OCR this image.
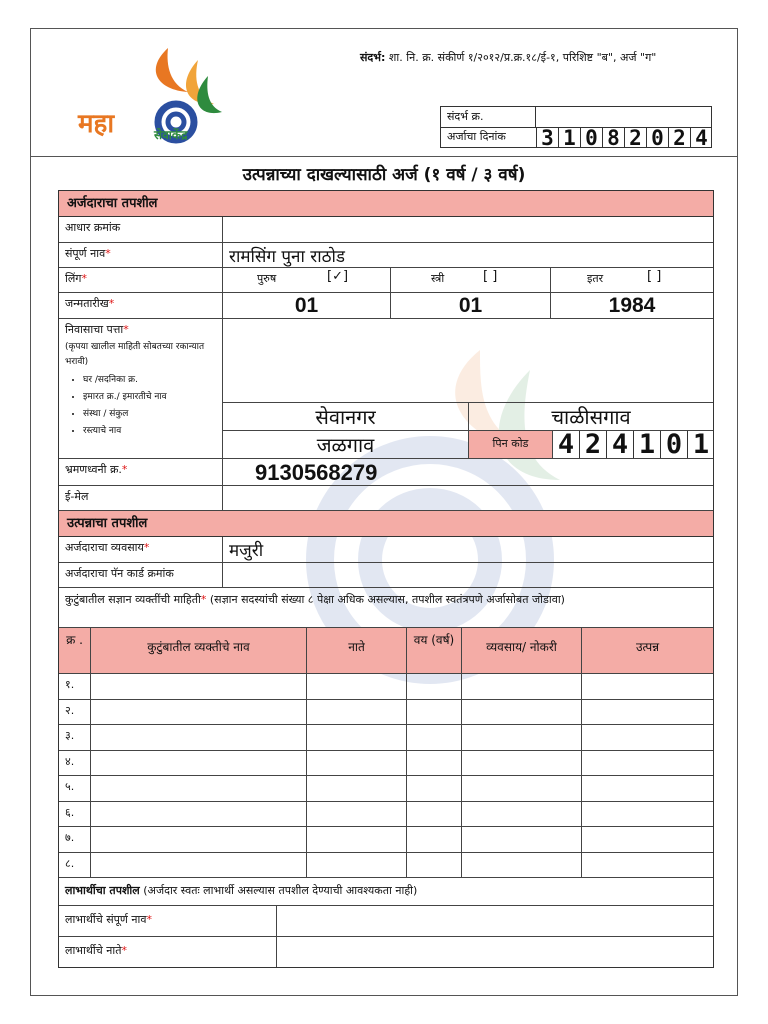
महा	सेवाकेंद्र
संदर्भ: शा. नि. क्र. संकीर्ण १/२०१२/प्र.क्र.१८/ई-१, परिशिष्ट "ब", अर्ज "ग"
संदर्भ क्र.
अर्जाचा दिनांक 3 1 0 8 2 0 2 4
उत्पन्नाच्या दाखल्यासाठी अर्ज (१ वर्ष / ३ वर्ष)
अर्जदाराचा तपशील
आधार क्रमांक
संपूर्ण नाव*	रामसिंग पुना राठोड
लिंग*	पुरुष	[✓]	स्त्री	[ ]	इतर	[ ]
जन्मतारीख*	01	01	1984
निवासाचा पत्ता*
(कृपया खालील माहिती सोबतच्या रकान्यात भरावी)
• घर /सदनिका क्र.
• इमारत क्र./ इमारतीचे नाव
• संस्था / संकुल
• रस्त्याचे नाव
सेवानगर	चाळीसगाव
जळगाव	पिन कोड	4 2 4 1 0 1
भ्रमणध्वनी क्र.*	9130568279
ई-मेल
उत्पन्नाचा तपशील
अर्जदाराचा व्यवसाय*	मजुरी
अर्जदाराचा पॅन कार्ड क्रमांक
कुटुंबातील सज्ञान व्यक्तींची माहिती* (सज्ञान सदस्यांची संख्या ८ पेक्षा अधिक असल्यास, तपशील स्वतंत्रपणे अर्जासोबत जोडावा)
क्र .	कुटुंबातील व्यक्तीचे नाव	नाते	वय (वर्ष)	व्यवसाय/ नोकरी	उत्पन्न
१.
२.
३.
४.
५.
६.
७.
८.
लाभार्थीचा तपशील (अर्जदार स्वतः लाभार्थी असल्यास तपशील देण्याची आवश्यकता नाही)
लाभार्थीचे संपूर्ण नाव*
लाभार्थीचे नाते*
